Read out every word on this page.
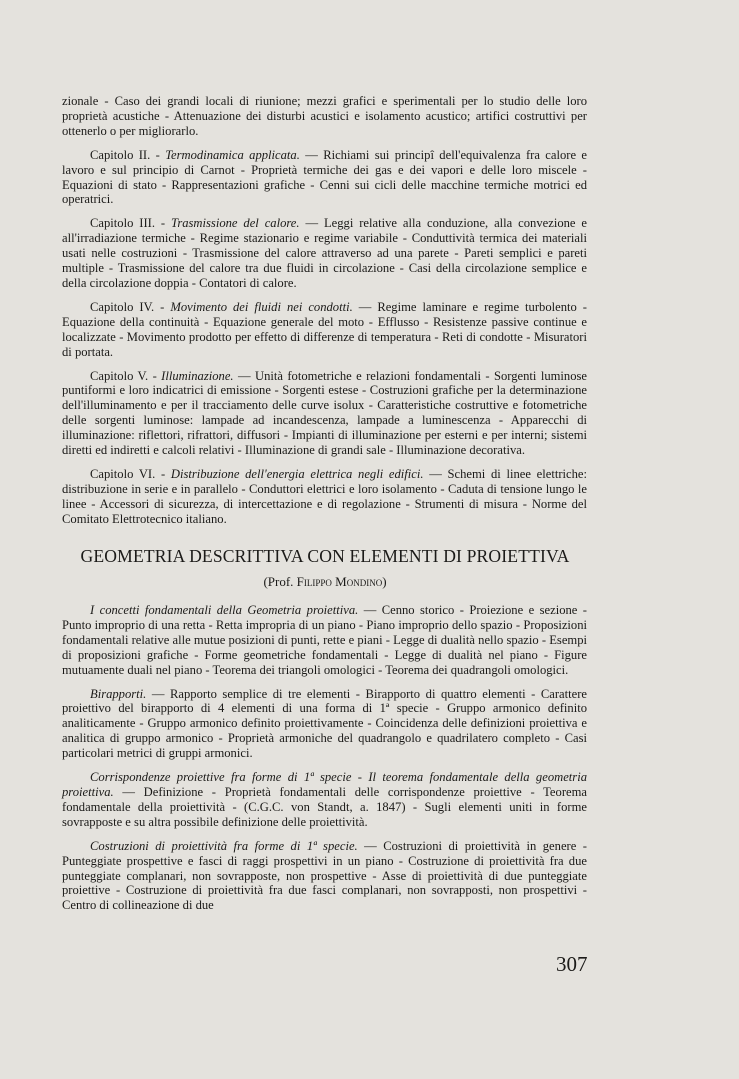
zionale - Caso dei grandi locali di riunione; mezzi grafici e sperimentali per lo studio delle loro proprietà acustiche - Attenuazione dei disturbi acustici e isolamento acustico; artifici costruttivi per ottenerlo o per migliorarlo.

Capitolo II. - Termodinamica applicata. — Richiami sui principî dell'equivalenza fra calore e lavoro e sul principio di Carnot - Proprietà termiche dei gas e dei vapori e delle loro miscele - Equazioni di stato - Rappresentazioni grafiche - Cenni sui cicli delle macchine termiche motrici ed operatrici.

Capitolo III. - Trasmissione del calore. — Leggi relative alla conduzione, alla convezione e all'irradiazione termiche - Regime stazionario e regime variabile - Conduttività termica dei materiali usati nelle costruzioni - Trasmissione del calore attraverso ad una parete - Pareti semplici e pareti multiple - Trasmissione del calore tra due fluidi in circolazione - Casi della circolazione semplice e della circolazione doppia - Contatori di calore.

Capitolo IV. - Movimento dei fluidi nei condotti. — Regime laminare e regime turbolento - Equazione della continuità - Equazione generale del moto - Efflusso - Resistenze passive continue e localizzate - Movimento prodotto per effetto di differenze di temperatura - Reti di condotte - Misuratori di portata.

Capitolo V. - Illuminazione. — Unità fotometriche e relazioni fondamentali - Sorgenti luminose puntiformi e loro indicatrici di emissione - Sorgenti estese - Costruzioni grafiche per la determinazione dell'illuminamento e per il tracciamento delle curve isolux - Caratteristiche costruttive e fotometriche delle sorgenti luminose: lampade ad incandescenza, lampade a luminescenza - Apparecchi di illuminazione: riflettori, rifrattori, diffusori - Impianti di illuminazione per esterni e per interni; sistemi diretti ed indiretti e calcoli relativi - Illuminazione di grandi sale - Illuminazione decorativa.

Capitolo VI. - Distribuzione dell'energia elettrica negli edifici. — Schemi di linee elettriche: distribuzione in serie e in parallelo - Conduttori elettrici e loro isolamento - Caduta di tensione lungo le linee - Accessori di sicurezza, di intercettazione e di regolazione - Strumenti di misura - Norme del Comitato Elettrotecnico italiano.

GEOMETRIA DESCRITTIVA CON ELEMENTI DI PROIETTIVA

(Prof. Filippo Mondino)

I concetti fondamentali della Geometria proiettiva. — Cenno storico - Proiezione e sezione - Punto improprio di una retta - Retta impropria di un piano - Piano improprio dello spazio - Proposizioni fondamentali relative alle mutue posizioni di punti, rette e piani - Legge di dualità nello spazio - Esempi di proposizioni grafiche - Forme geometriche fondamentali - Legge di dualità nel piano - Figure mutuamente duali nel piano - Teorema dei triangoli omologici - Teorema dei quadrangoli omologici.

Birapporti. — Rapporto semplice di tre elementi - Birapporto di quattro elementi - Carattere proiettivo del birapporto di 4 elementi di una forma di 1ª specie - Gruppo armonico definito analiticamente - Gruppo armonico definito proiettivamente - Coincidenza delle definizioni proiettiva e analitica di gruppo armonico - Proprietà armoniche del quadrangolo e quadrilatero completo - Casi particolari metrici di gruppi armonici.

Corrispondenze proiettive fra forme di 1ª specie - Il teorema fondamentale della geometria proiettiva. — Definizione - Proprietà fondamentali delle corrispondenze proiettive - Teorema fondamentale della proiettività - (C.G.C. von Standt, a. 1847) - Sugli elementi uniti in forme sovrapposte e su altra possibile definizione delle proiettività.

Costruzioni di proiettività fra forme di 1ª specie. — Costruzioni di proiettività in genere - Punteggiate prospettive e fasci di raggi prospettivi in un piano - Costruzione di proiettività fra due punteggiate complanari, non sovrapposte, non prospettive - Asse di proiettività di due punteggiate proiettive - Costruzione di proiettività fra due fasci complanari, non sovrapposti, non prospettivi - Centro di collineazione di due

307
